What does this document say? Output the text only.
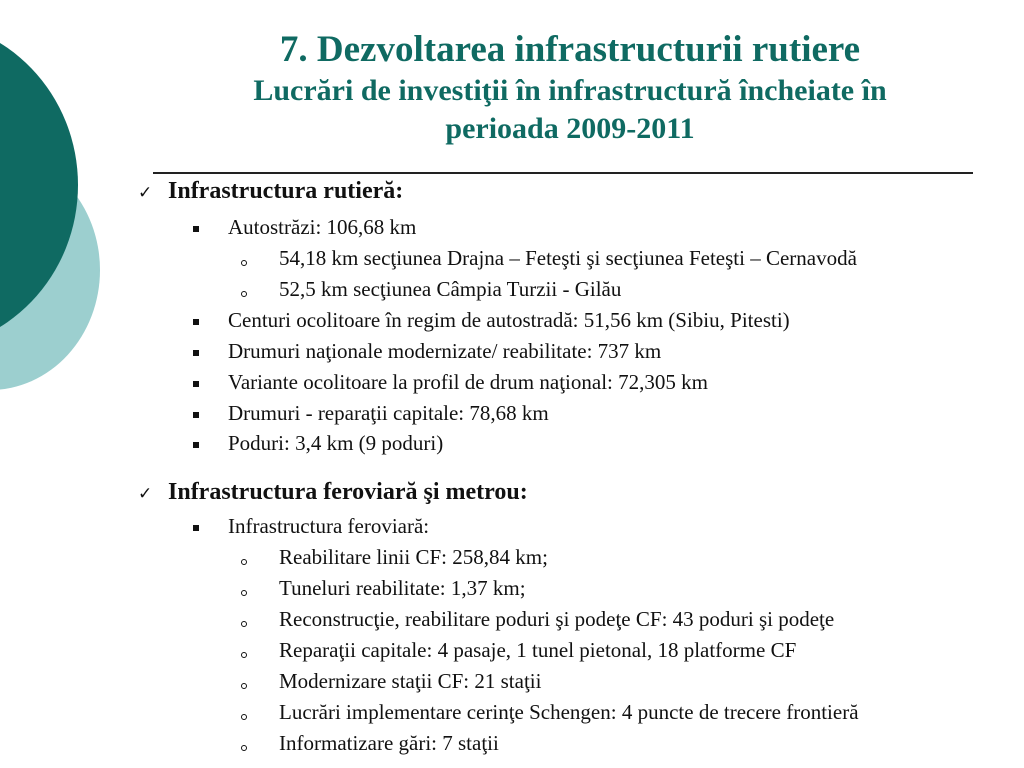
7. Dezvoltarea infrastructurii rutiere
Lucrări de investiţii în infrastructură încheiate în
perioada 2009-2011
✓ Infrastructura rutieră:
Autostrăzi: 106,68 km
54,18 km secţiunea Drajna – Feteşti şi secţiunea Feteşti – Cernavodă
52,5 km secţiunea Câmpia Turzii - Gilău
Centuri ocolitoare în regim de autostradă: 51,56 km (Sibiu, Pitesti)
Drumuri naţionale modernizate/ reabilitate: 737 km
Variante ocolitoare la profil de drum naţional: 72,305 km
Drumuri - reparaţii capitale: 78,68 km
Poduri: 3,4 km (9 poduri)
✓ Infrastructura feroviară şi metrou:
Infrastructura feroviară:
Reabilitare linii CF: 258,84 km;
Tuneluri reabilitate: 1,37 km;
Reconstrucţie, reabilitare poduri şi podeţe CF: 43 poduri şi podeţe
Reparaţii capitale: 4 pasaje, 1 tunel pietonal, 18 platforme CF
Modernizare staţii CF: 21 staţii
Lucrări implementare cerinţe Schengen: 4 puncte de trecere frontieră
Informatizare gări: 7 staţii
